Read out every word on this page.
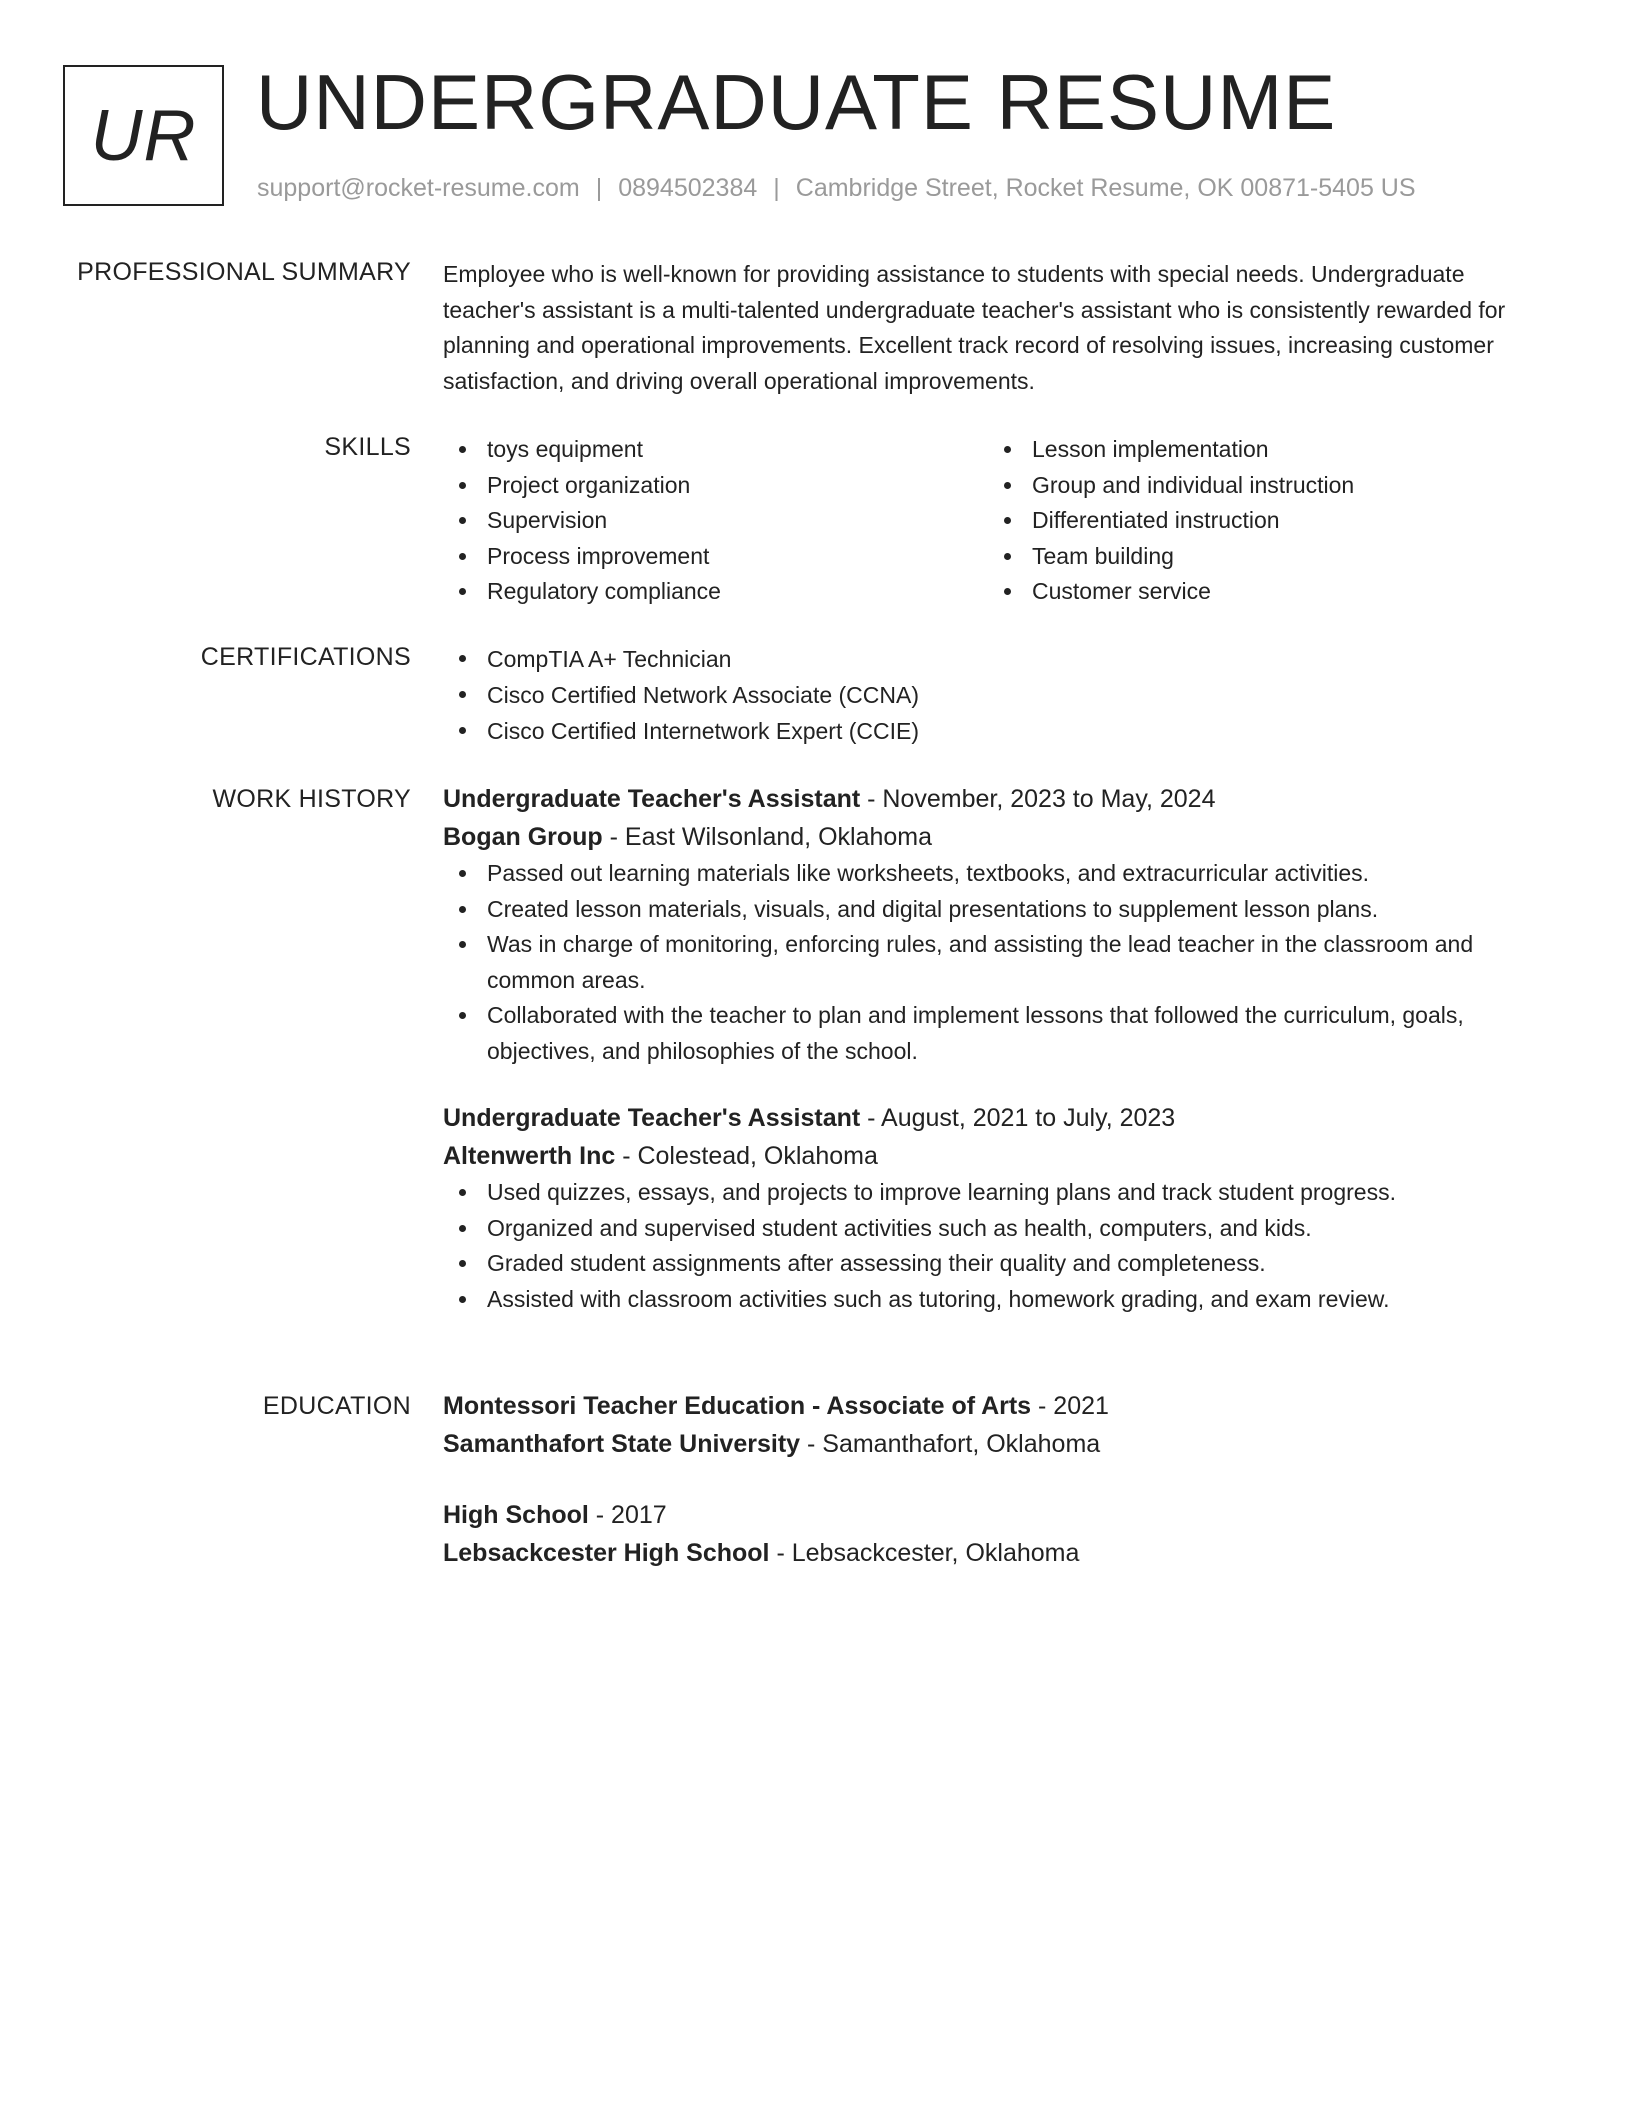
UR UNDERGRADUATE RESUME
support@rocket-resume.com | 0894502384 | Cambridge Street, Rocket Resume, OK 00871-5405 US
PROFESSIONAL SUMMARY Employee who is well-known for providing assistance to students with special needs. Undergraduate teacher's assistant is a multi-talented undergraduate teacher's assistant who is consistently rewarded for planning and operational improvements. Excellent track record of resolving issues, increasing customer satisfaction, and driving overall operational improvements.

SKILLS	toys equipment
Project organization
Supervision
Process improvement
Regulatory compliance
Lesson implementation
Group and individual instruction
Differentiated instruction
Team building
Customer service
CERTIFICATIONS	CompTIA A+ Technician
Cisco Certified Network Associate (CCNA)
Cisco Certified Internetwork Expert (CCIE)
WORK HISTORY Undergraduate Teacher's Assistant - November, 2023 to May, 2024
Bogan Group - East Wilsonland, Oklahoma
Passed out learning materials like worksheets, textbooks, and extracurricular activities.
Created lesson materials, visuals, and digital presentations to supplement lesson plans.
Was in charge of monitoring, enforcing rules, and assisting the lead teacher in the classroom and common areas.
Collaborated with the teacher to plan and implement lessons that followed the curriculum, goals, objectives, and philosophies of the school.
Undergraduate Teacher's Assistant - August, 2021 to July, 2023
Altenwerth Inc - Colestead, Oklahoma
Used quizzes, essays, and projects to improve learning plans and track student progress.
Organized and supervised student activities such as health, computers, and kids.
Graded student assignments after assessing their quality and completeness.
Assisted with classroom activities such as tutoring, homework grading, and exam review.
EDUCATION Montessori Teacher Education - Associate of Arts - 2021
Samanthafort State University - Samanthafort, Oklahoma
High School - 2017
Lebsackcester High School - Lebsackcester, Oklahoma
